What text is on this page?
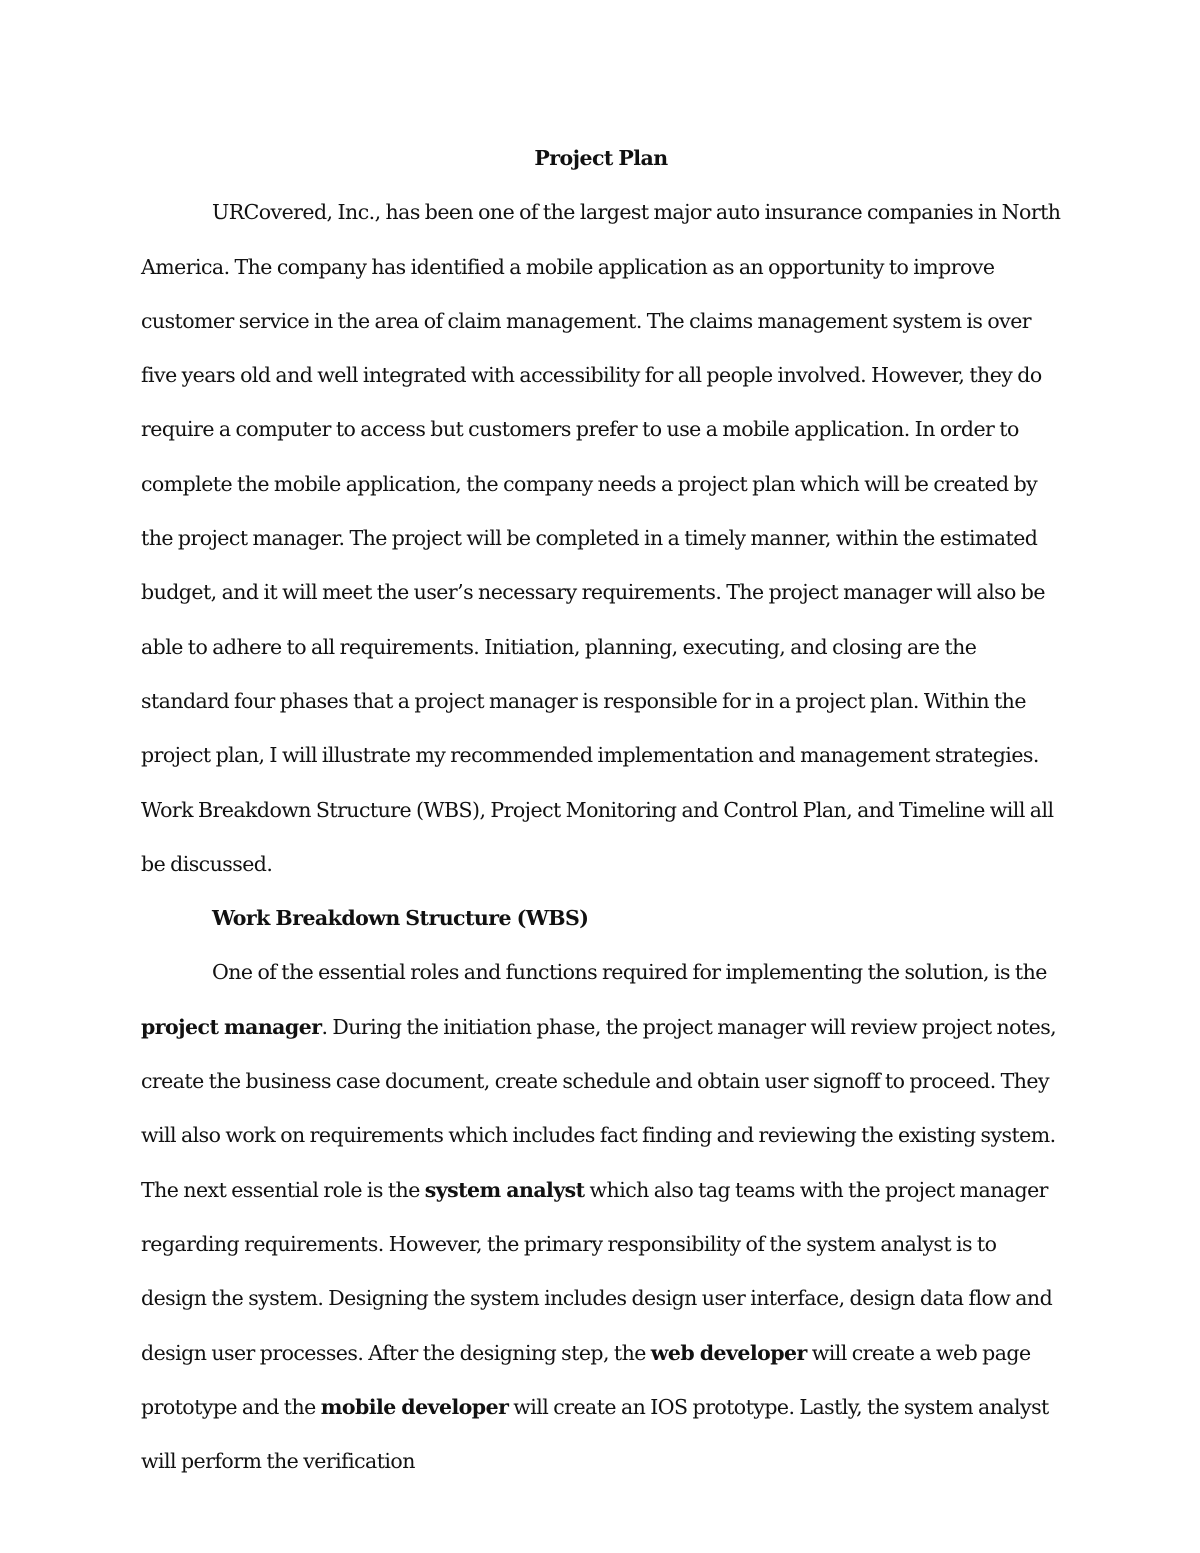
Project Plan

URCovered, Inc., has been one of the largest major auto insurance companies in North America. The company has identified a mobile application as an opportunity to improve customer service in the area of claim management. The claims management system is over five years old and well integrated with accessibility for all people involved. However, they do require a computer to access but customers prefer to use a mobile application. In order to complete the mobile application, the company needs a project plan which will be created by the project manager. The project will be completed in a timely manner, within the estimated budget, and it will meet the user’s necessary requirements. The project manager will also be able to adhere to all requirements. Initiation, planning, executing, and closing are the standard four phases that a project manager is responsible for in a project plan. Within the project plan, I will illustrate my recommended implementation and management strategies. Work Breakdown Structure (WBS), Project Monitoring and Control Plan, and Timeline will all be discussed.

Work Breakdown Structure (WBS)

One of the essential roles and functions required for implementing the solution, is the project manager. During the initiation phase, the project manager will review project notes, create the business case document, create schedule and obtain user signoff to proceed. They will also work on requirements which includes fact finding and reviewing the existing system. The next essential role is the system analyst which also tag teams with the project manager regarding requirements. However, the primary responsibility of the system analyst is to design the system. Designing the system includes design user interface, design data flow and design user processes. After the designing step, the web developer will create a web page prototype and the mobile developer will create an IOS prototype. Lastly, the system analyst will perform the verification
